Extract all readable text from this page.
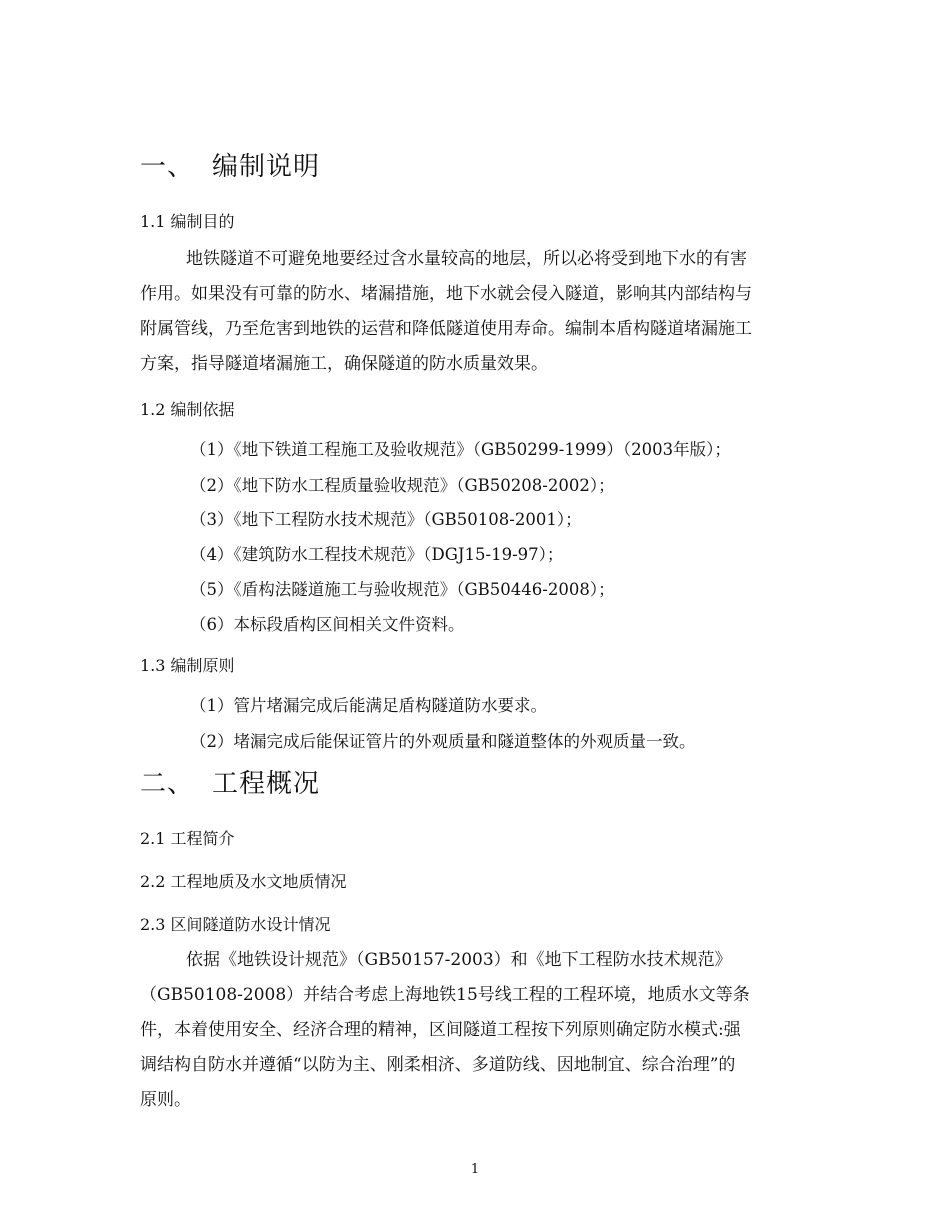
一、 编制说明
1.1 编制目的
地铁隧道不可避免地要经过含水量较高的地层，所以必将受到地下水的有害
作用。如果没有可靠的防水、堵漏措施，地下水就会侵入隧道，影响其内部结构与
附属管线，乃至危害到地铁的运营和降低隧道使用寿命。编制本盾构隧道堵漏施工
方案，指导隧道堵漏施工，确保隧道的防水质量效果。
1.2 编制依据
（1）《地下铁道工程施工及验收规范》（GB50299-1999）（2003年版）；
（2）《地下防水工程质量验收规范》（GB50208-2002）；
（3）《地下工程防水技术规范》（GB50108-2001）；
（4）《建筑防水工程技术规范》（DGJ15-19-97）；
（5）《盾构法隧道施工与验收规范》（GB50446-2008）；
（6）本标段盾构区间相关文件资料。
1.3 编制原则
（1）管片堵漏完成后能满足盾构隧道防水要求。
（2）堵漏完成后能保证管片的外观质量和隧道整体的外观质量一致。
二、 工程概况
2.1 工程简介
2.2 工程地质及水文地质情况
2.3 区间隧道防水设计情况
依据《地铁设计规范》（GB50157-2003）和《地下工程防水技术规范》
（GB50108-2008）并结合考虑上海地铁15号线工程的工程环境，地质水文等条
件，本着使用安全、经济合理的精神，区间隧道工程按下列原则确定防水模式:强
调结构自防水并遵循“以防为主、刚柔相济、多道防线、因地制宜、综合治理”的
原则。
1
